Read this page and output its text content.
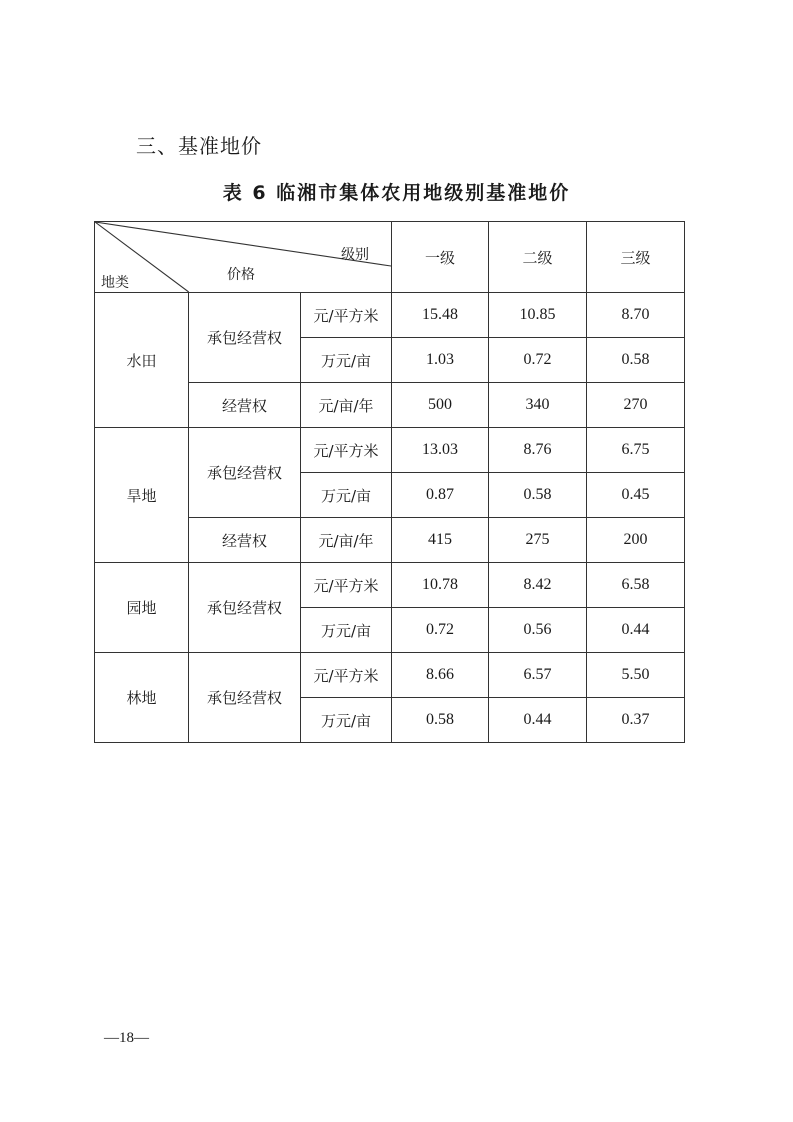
三、基准地价
表 6 临湘市集体农用地级别基准地价
级别
价格
地类			一级	二级	三级
水田	承包经营权	元/平方米	15.48	10.85	8.70
		万元/亩	1.03	0.72	0.58
	经营权	元/亩/年	500	340	270
旱地	承包经营权	元/平方米	13.03	8.76	6.75
		万元/亩	0.87	0.58	0.45
	经营权	元/亩/年	415	275	200
园地	承包经营权	元/平方米	10.78	8.42	6.58
		万元/亩	0.72	0.56	0.44
林地	承包经营权	元/平方米	8.66	6.57	5.50
		万元/亩	0.58	0.44	0.37
—18—
